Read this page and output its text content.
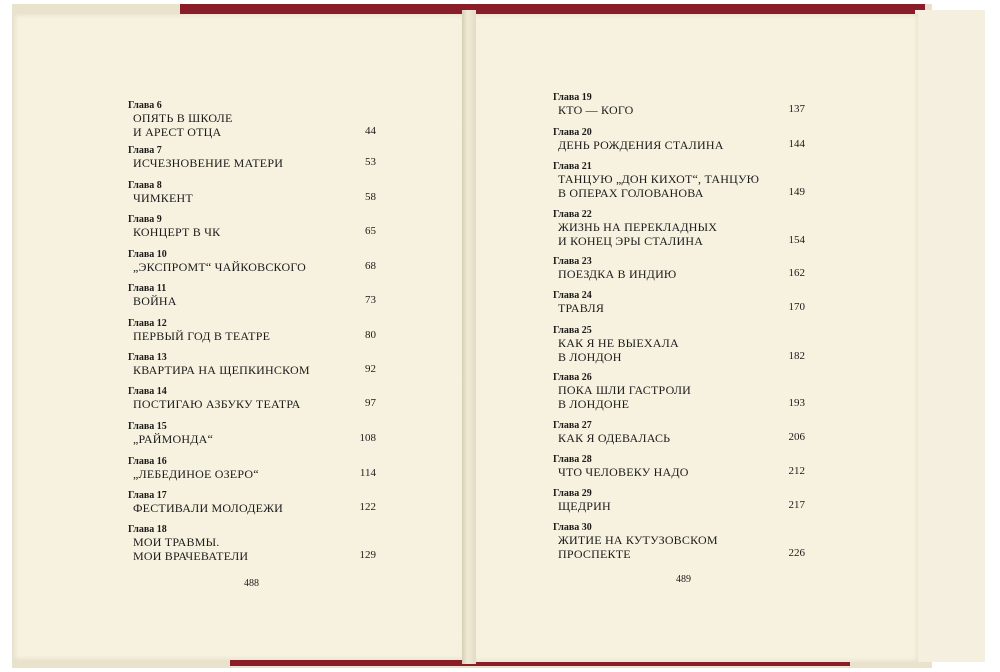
Глава 6
ОПЯТЬ В ШКОЛЕ
И АРЕСТ ОТЦА	44
Глава 7
ИСЧЕЗНОВЕНИЕ МАТЕРИ	53
Глава 8
ЧИМКЕНТ	58
Глава 9
КОНЦЕРТ В ЧК	65
Глава 10
„ЭКСПРОМТ“ ЧАЙКОВСКОГО	68
Глава 11
ВОЙНА	73
Глава 12
ПЕРВЫЙ ГОД В ТЕАТРЕ	80
Глава 13
КВАРТИРА НА ЩЕПКИНСКОМ	92
Глава 14
ПОСТИГАЮ АЗБУКУ ТЕАТРА	97
Глава 15
„РАЙМОНДА“	108
Глава 16
„ЛЕБЕДИНОЕ ОЗЕРО“	114
Глава 17
ФЕСТИВАЛИ МОЛОДЕЖИ	122
Глава 18
МОИ ТРАВМЫ.
МОИ ВРАЧЕВАТЕЛИ	129
488
Глава 19
КТО — КОГО	137
Глава 20
ДЕНЬ РОЖДЕНИЯ СТАЛИНА	144
Глава 21
ТАНЦУЮ „ДОН КИХОТ“, ТАНЦУЮ
В ОПЕРАХ ГОЛОВАНОВА	149
Глава 22
ЖИЗНЬ НА ПЕРЕКЛАДНЫХ
И КОНЕЦ ЭРЫ СТАЛИНА	154
Глава 23
ПОЕЗДКА В ИНДИЮ	162
Глава 24
ТРАВЛЯ	170
Глава 25
КАК Я НЕ ВЫЕХАЛА
В ЛОНДОН	182
Глава 26
ПОКА ШЛИ ГАСТРОЛИ
В ЛОНДОНЕ	193
Глава 27
КАК Я ОДЕВАЛАСЬ	206
Глава 28
ЧТО ЧЕЛОВЕКУ НАДО	212
Глава 29
ЩЕДРИН	217
Глава 30
ЖИТИЕ НА КУТУЗОВСКОМ
ПРОСПЕКТЕ	226
489
